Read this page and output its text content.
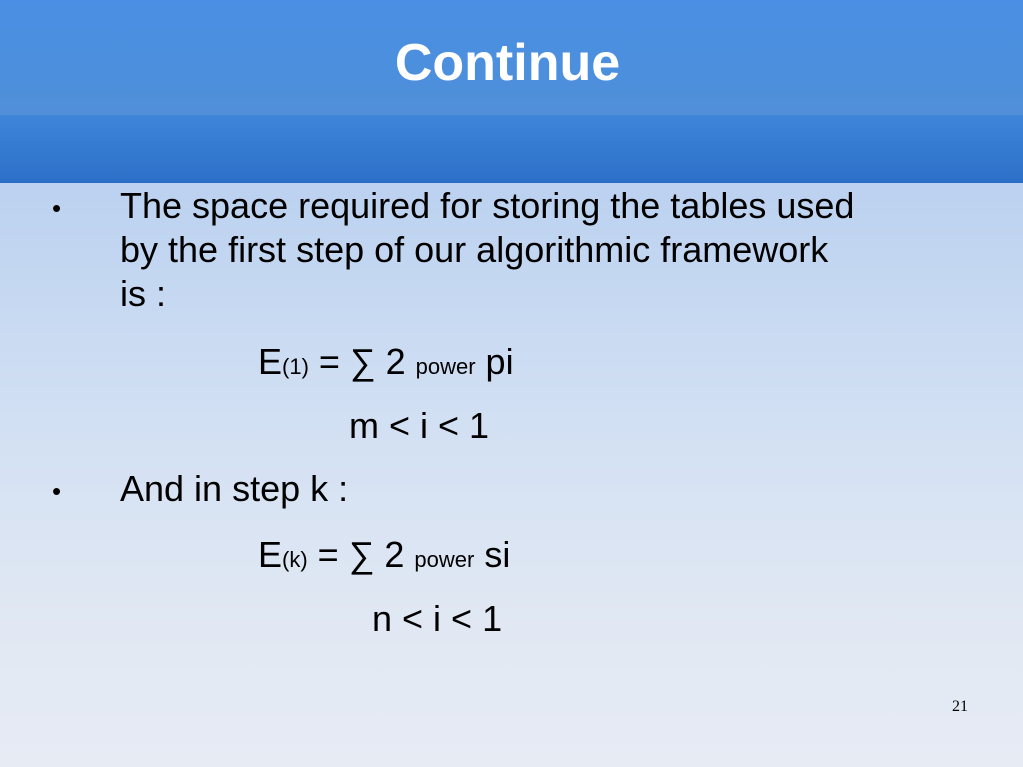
Continue
• The space required for storing the tables used
by the first step of our algorithmic framework
is :
E(1) = ∑ 2 power pi
m < i < 1
• And in step k :
E(k) = ∑ 2 power si
n < i < 1
21
